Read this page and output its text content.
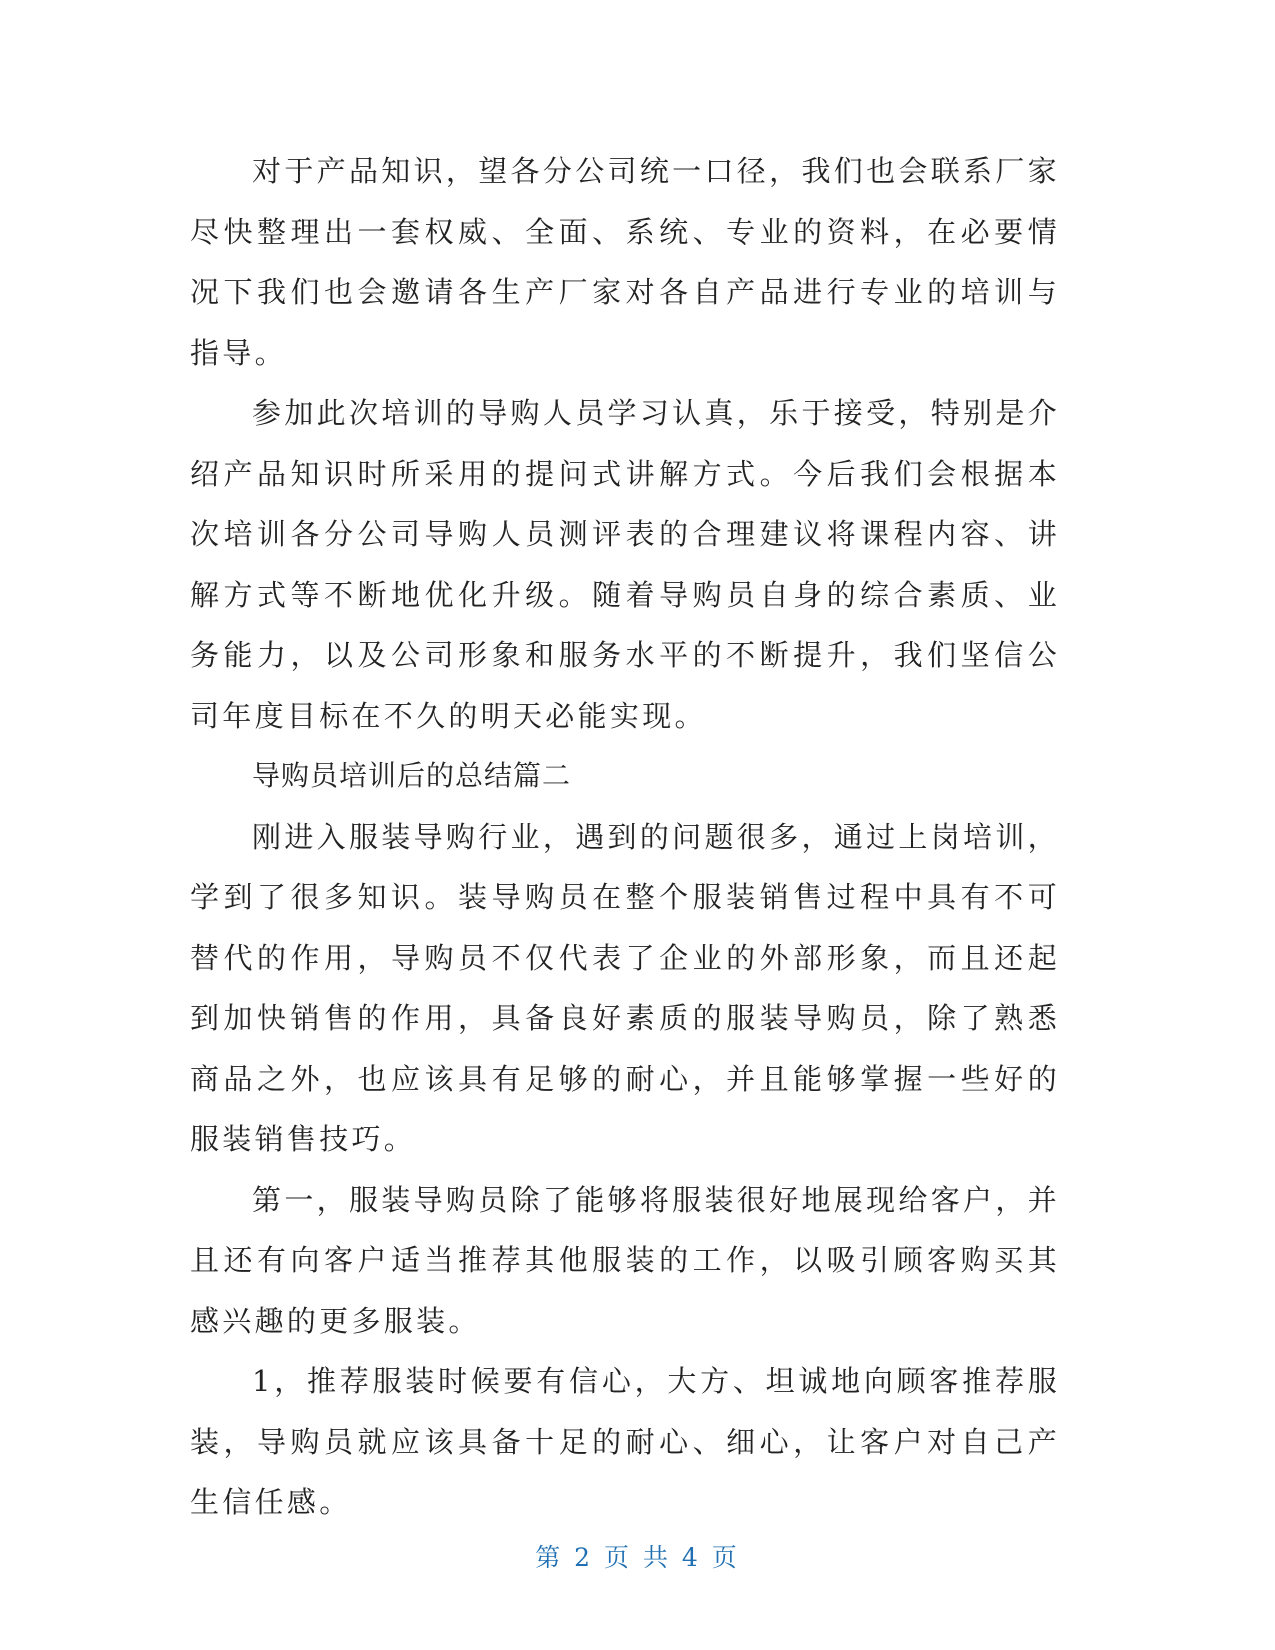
对于产品知识，望各分公司统一口径，我们也会联系厂家尽快整理出一套权威、全面、系统、专业的资料，在必要情况下我们也会邀请各生产厂家对各自产品进行专业的培训与指导。

参加此次培训的导购人员学习认真，乐于接受，特别是介绍产品知识时所采用的提问式讲解方式。今后我们会根据本次培训各分公司导购人员测评表的合理建议将课程内容、讲解方式等不断地优化升级。随着导购员自身的综合素质、业务能力，以及公司形象和服务水平的不断提升，我们坚信公司年度目标在不久的明天必能实现。

导购员培训后的总结篇二

刚进入服装导购行业，遇到的问题很多，通过上岗培训，学到了很多知识。装导购员在整个服装销售过程中具有不可替代的作用，导购员不仅代表了企业的外部形象，而且还起到加快销售的作用，具备良好素质的服装导购员，除了熟悉商品之外，也应该具有足够的耐心，并且能够掌握一些好的服装销售技巧。

第一，服装导购员除了能够将服装很好地展现给客户，并且还有向客户适当推荐其他服装的工作，以吸引顾客购买其感兴趣的更多服装。

1，推荐服装时候要有信心，大方、坦诚地向顾客推荐服装，导购员就应该具备十足的耐心、细心，让客户对自己产生信任感。

第 2 页 共 4 页
